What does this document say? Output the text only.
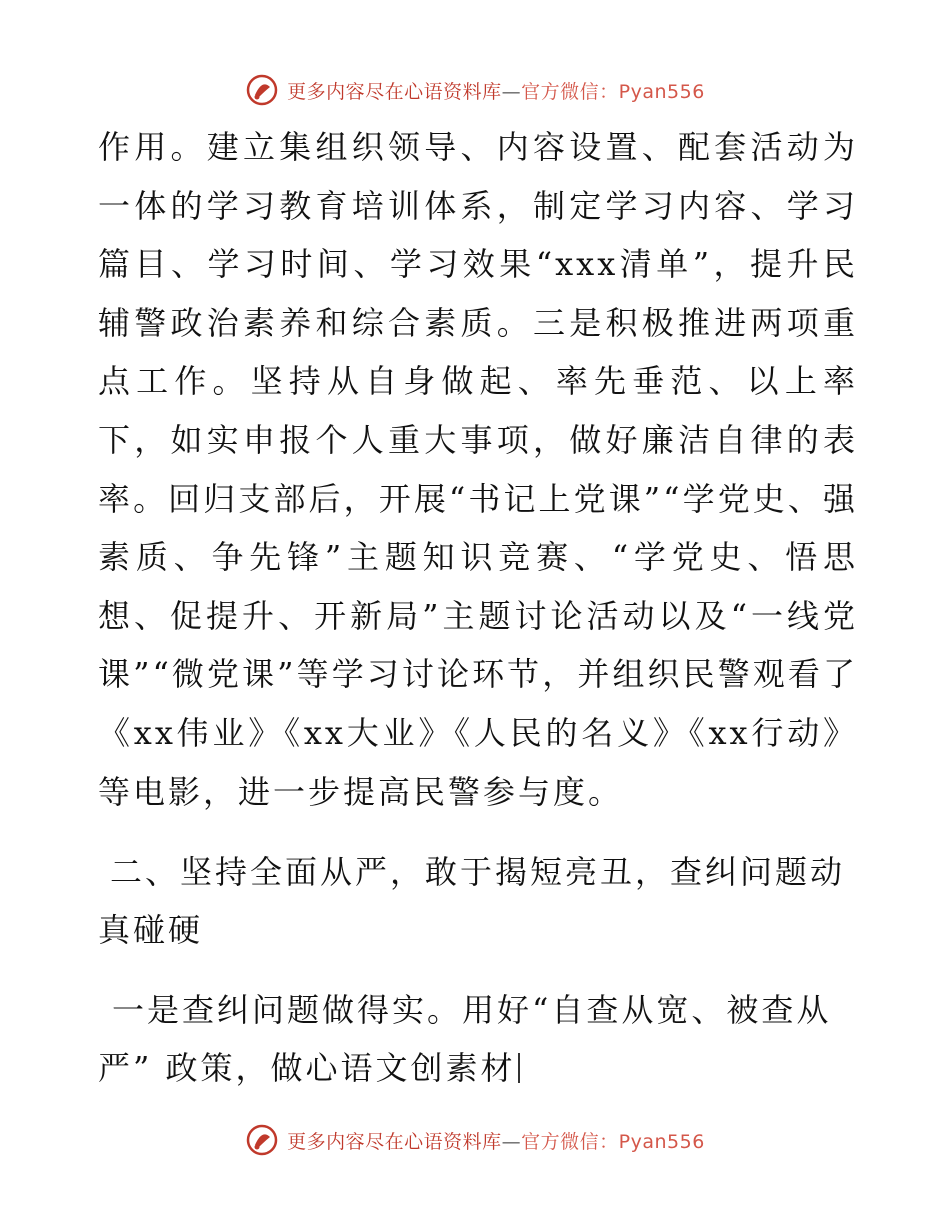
更多内容尽在心语资料库—官方微信：Pyan556

作用。建立集组织领导、内容设置、配套活动为一体的学习教育培训体系，制定学习内容、学习篇目、学习时间、学习效果“xxx清单”，提升民辅警政治素养和综合素质。三是积极推进两项重点工作。坚持从自身做起、率先垂范、以上率下，如实申报个人重大事项，做好廉洁自律的表率。回归支部后，开展“书记上党课”“学党史、强素质、争先锋”主题知识竞赛、“学党史、悟思想、促提升、开新局”主题讨论活动以及“一线党课”“微党课”等学习讨论环节，并组织民警观看了《xx伟业》《xx大业》《人民的名义》《xx行动》等电影，进一步提高民警参与度。

二、坚持全面从严，敢于揭短亮丑，查纠问题动
真碰硬

一是查纠问题做得实。用好“自查从宽、被查从
严” 政策，做心语文创素材

更多内容尽在心语资料库—官方微信：Pyan556
